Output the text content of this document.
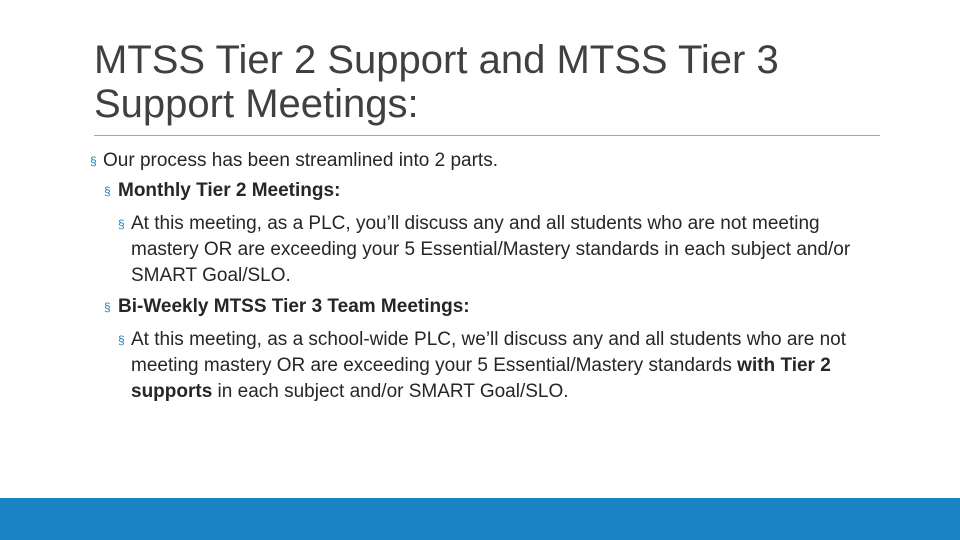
MTSS Tier 2 Support and MTSS Tier 3 Support Meetings:
§ Our process has been streamlined into 2 parts.
§ Monthly Tier 2 Meetings:
§ At this meeting, as a PLC, you’ll discuss any and all students who are not meeting mastery OR are exceeding your 5 Essential/Mastery standards in each subject and/or SMART Goal/SLO.
§ Bi-Weekly MTSS Tier 3 Team Meetings:
§ At this meeting, as a school-wide PLC, we’ll discuss any and all students who are not meeting mastery OR are exceeding your 5 Essential/Mastery standards with Tier 2 supports in each subject and/or SMART Goal/SLO.
